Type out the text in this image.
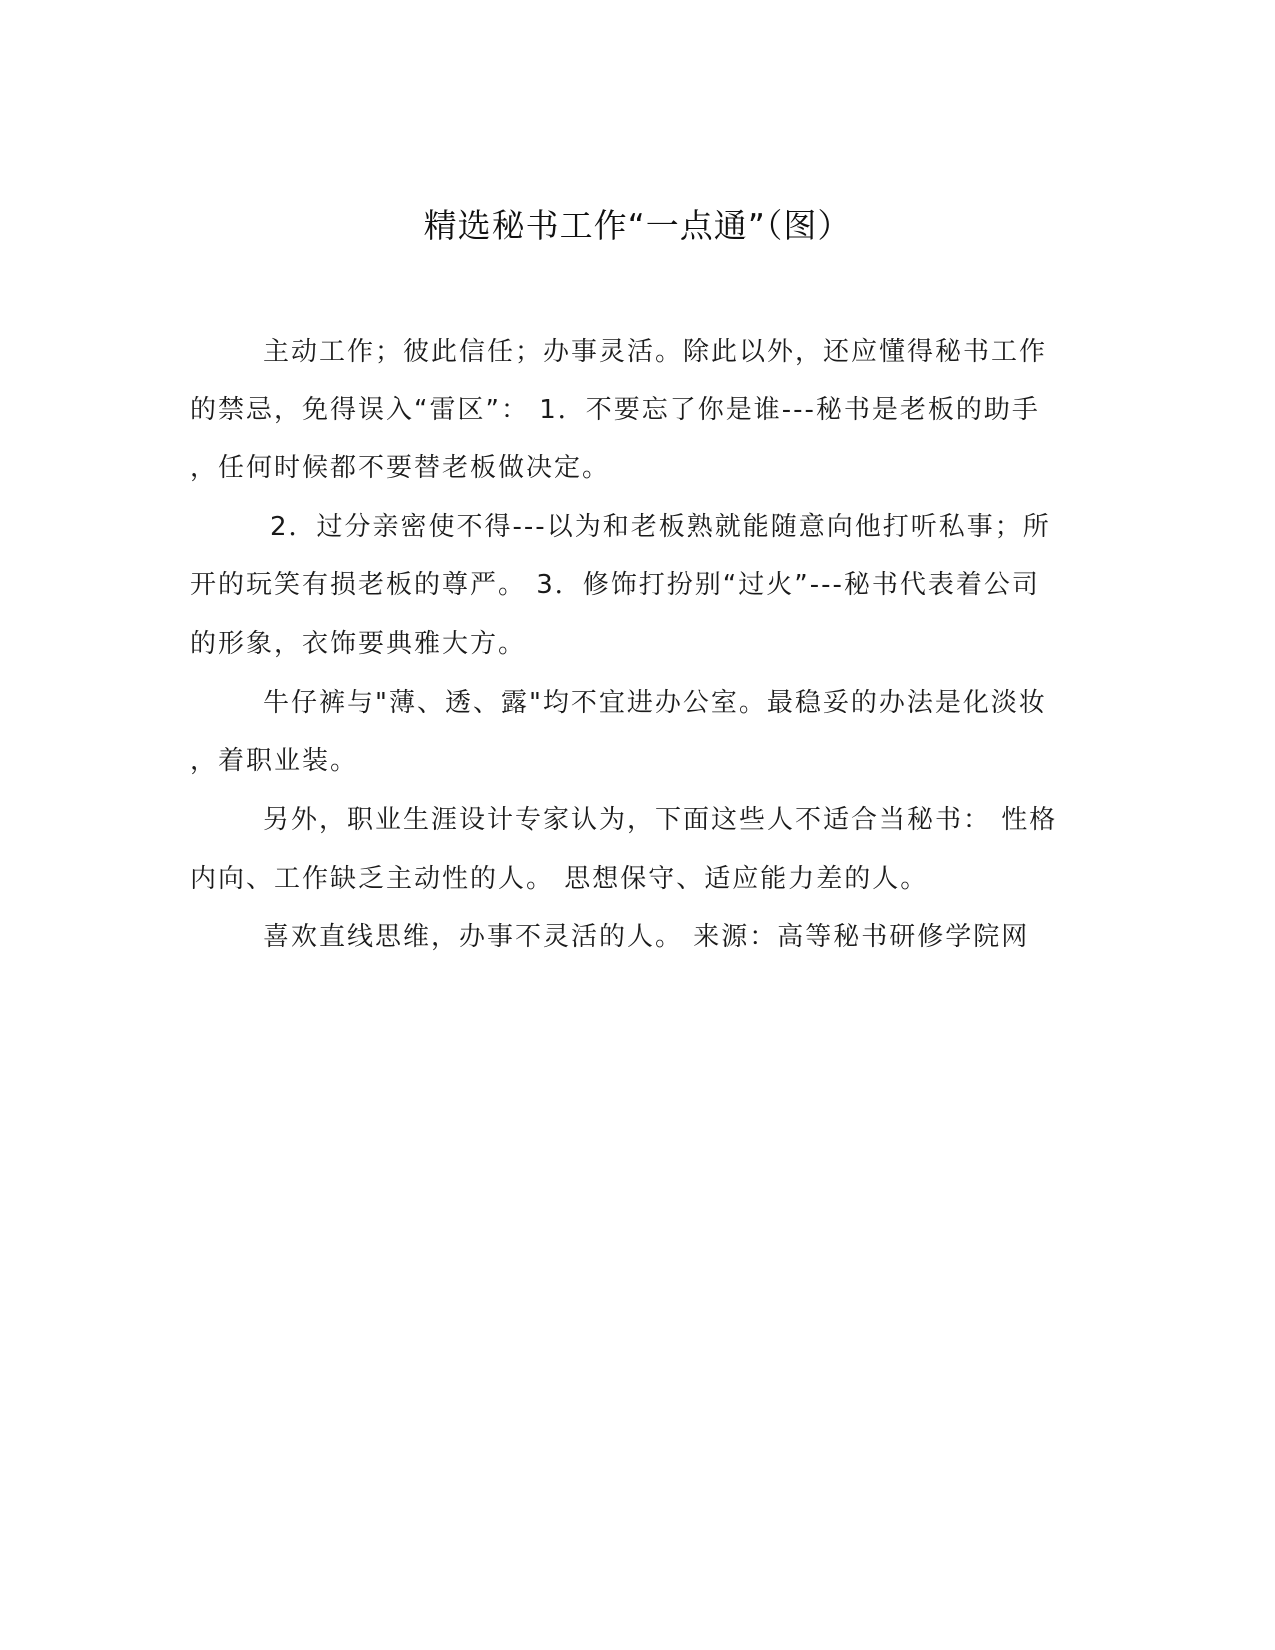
精选秘书工作“一点通”（图）
主动工作；彼此信任；办事灵活。除此以外，还应懂得秘书工作
的禁忌，免得误入“雷区”： 1．不要忘了你是谁---秘书是老板的助手
，任何时候都不要替老板做决定。
2．过分亲密使不得---以为和老板熟就能随意向他打听私事；所
开的玩笑有损老板的尊严。 3．修饰打扮别“过火”---秘书代表着公司
的形象，衣饰要典雅大方。
牛仔裤与"薄、透、露"均不宜进办公室。最稳妥的办法是化淡妆
，着职业装。
另外，职业生涯设计专家认为，下面这些人不适合当秘书： 性格
内向、工作缺乏主动性的人。 思想保守、适应能力差的人。
喜欢直线思维，办事不灵活的人。 来源：高等秘书研修学院网
